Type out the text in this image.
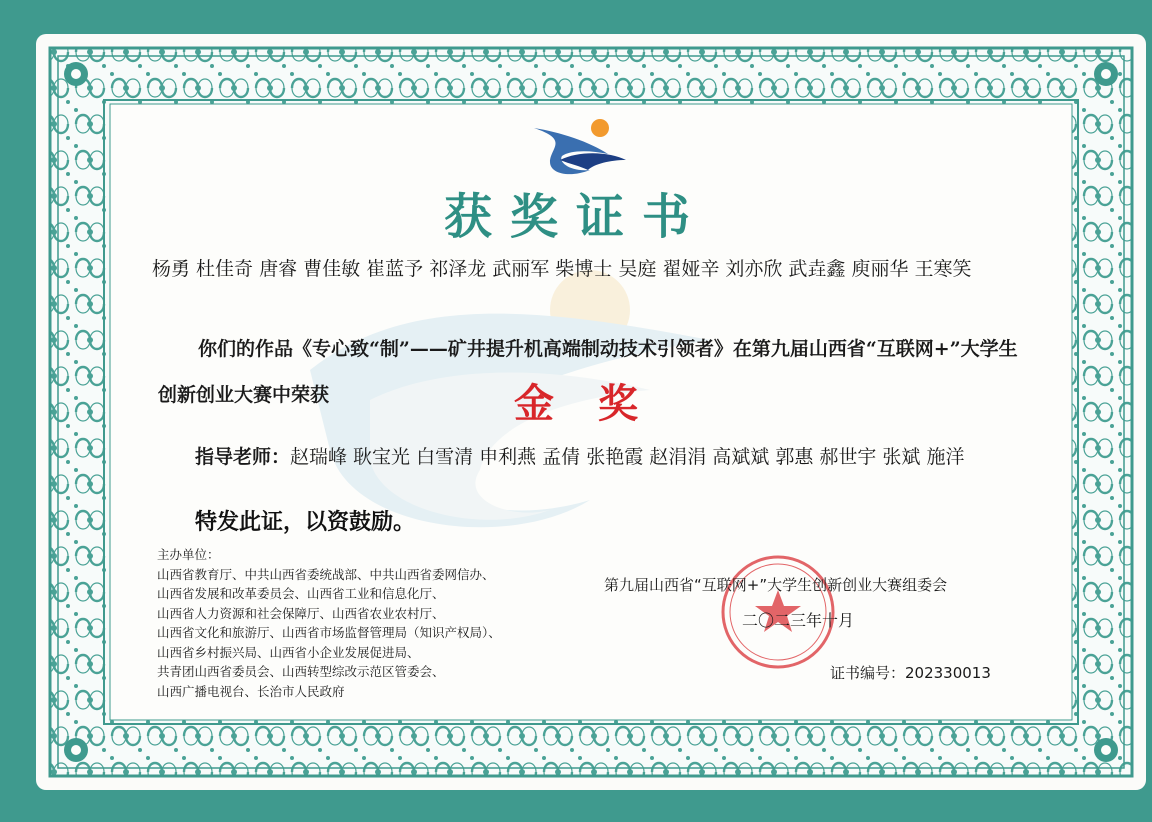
获奖证书
杨勇 杜佳奇 唐睿 曹佳敏 崔蓝予 祁泽龙 武丽军 柴博士 吴庭 翟娅辛 刘亦欣 武垚鑫 庾丽华 王寒笑
你们的作品《专心致“制”——矿井提升机高端制动技术引领者》在第九届山西省“互联网+”大学生创新创业大赛中荣获	金奖
指导老师：赵瑞峰 耿宝光 白雪清 申利燕 孟倩 张艳霞 赵涓涓 高斌斌 郭惠 郝世宇 张斌 施洋
特发此证，以资鼓励。
主办单位：
山西省教育厅、中共山西省委统战部、中共山西省委网信办、
山西省发展和改革委员会、山西省工业和信息化厅、
山西省人力资源和社会保障厅、山西省农业农村厅、
山西省文化和旅游厅、山西省市场监督管理局（知识产权局）、
山西省乡村振兴局、山西省小企业发展促进局、
共青团山西省委员会、山西转型综改示范区管委会、
山西广播电视台、长治市人民政府
第九届山西省“互联网+”大学生创新创业大赛组委会
二〇二三年十月
证书编号：202330013
